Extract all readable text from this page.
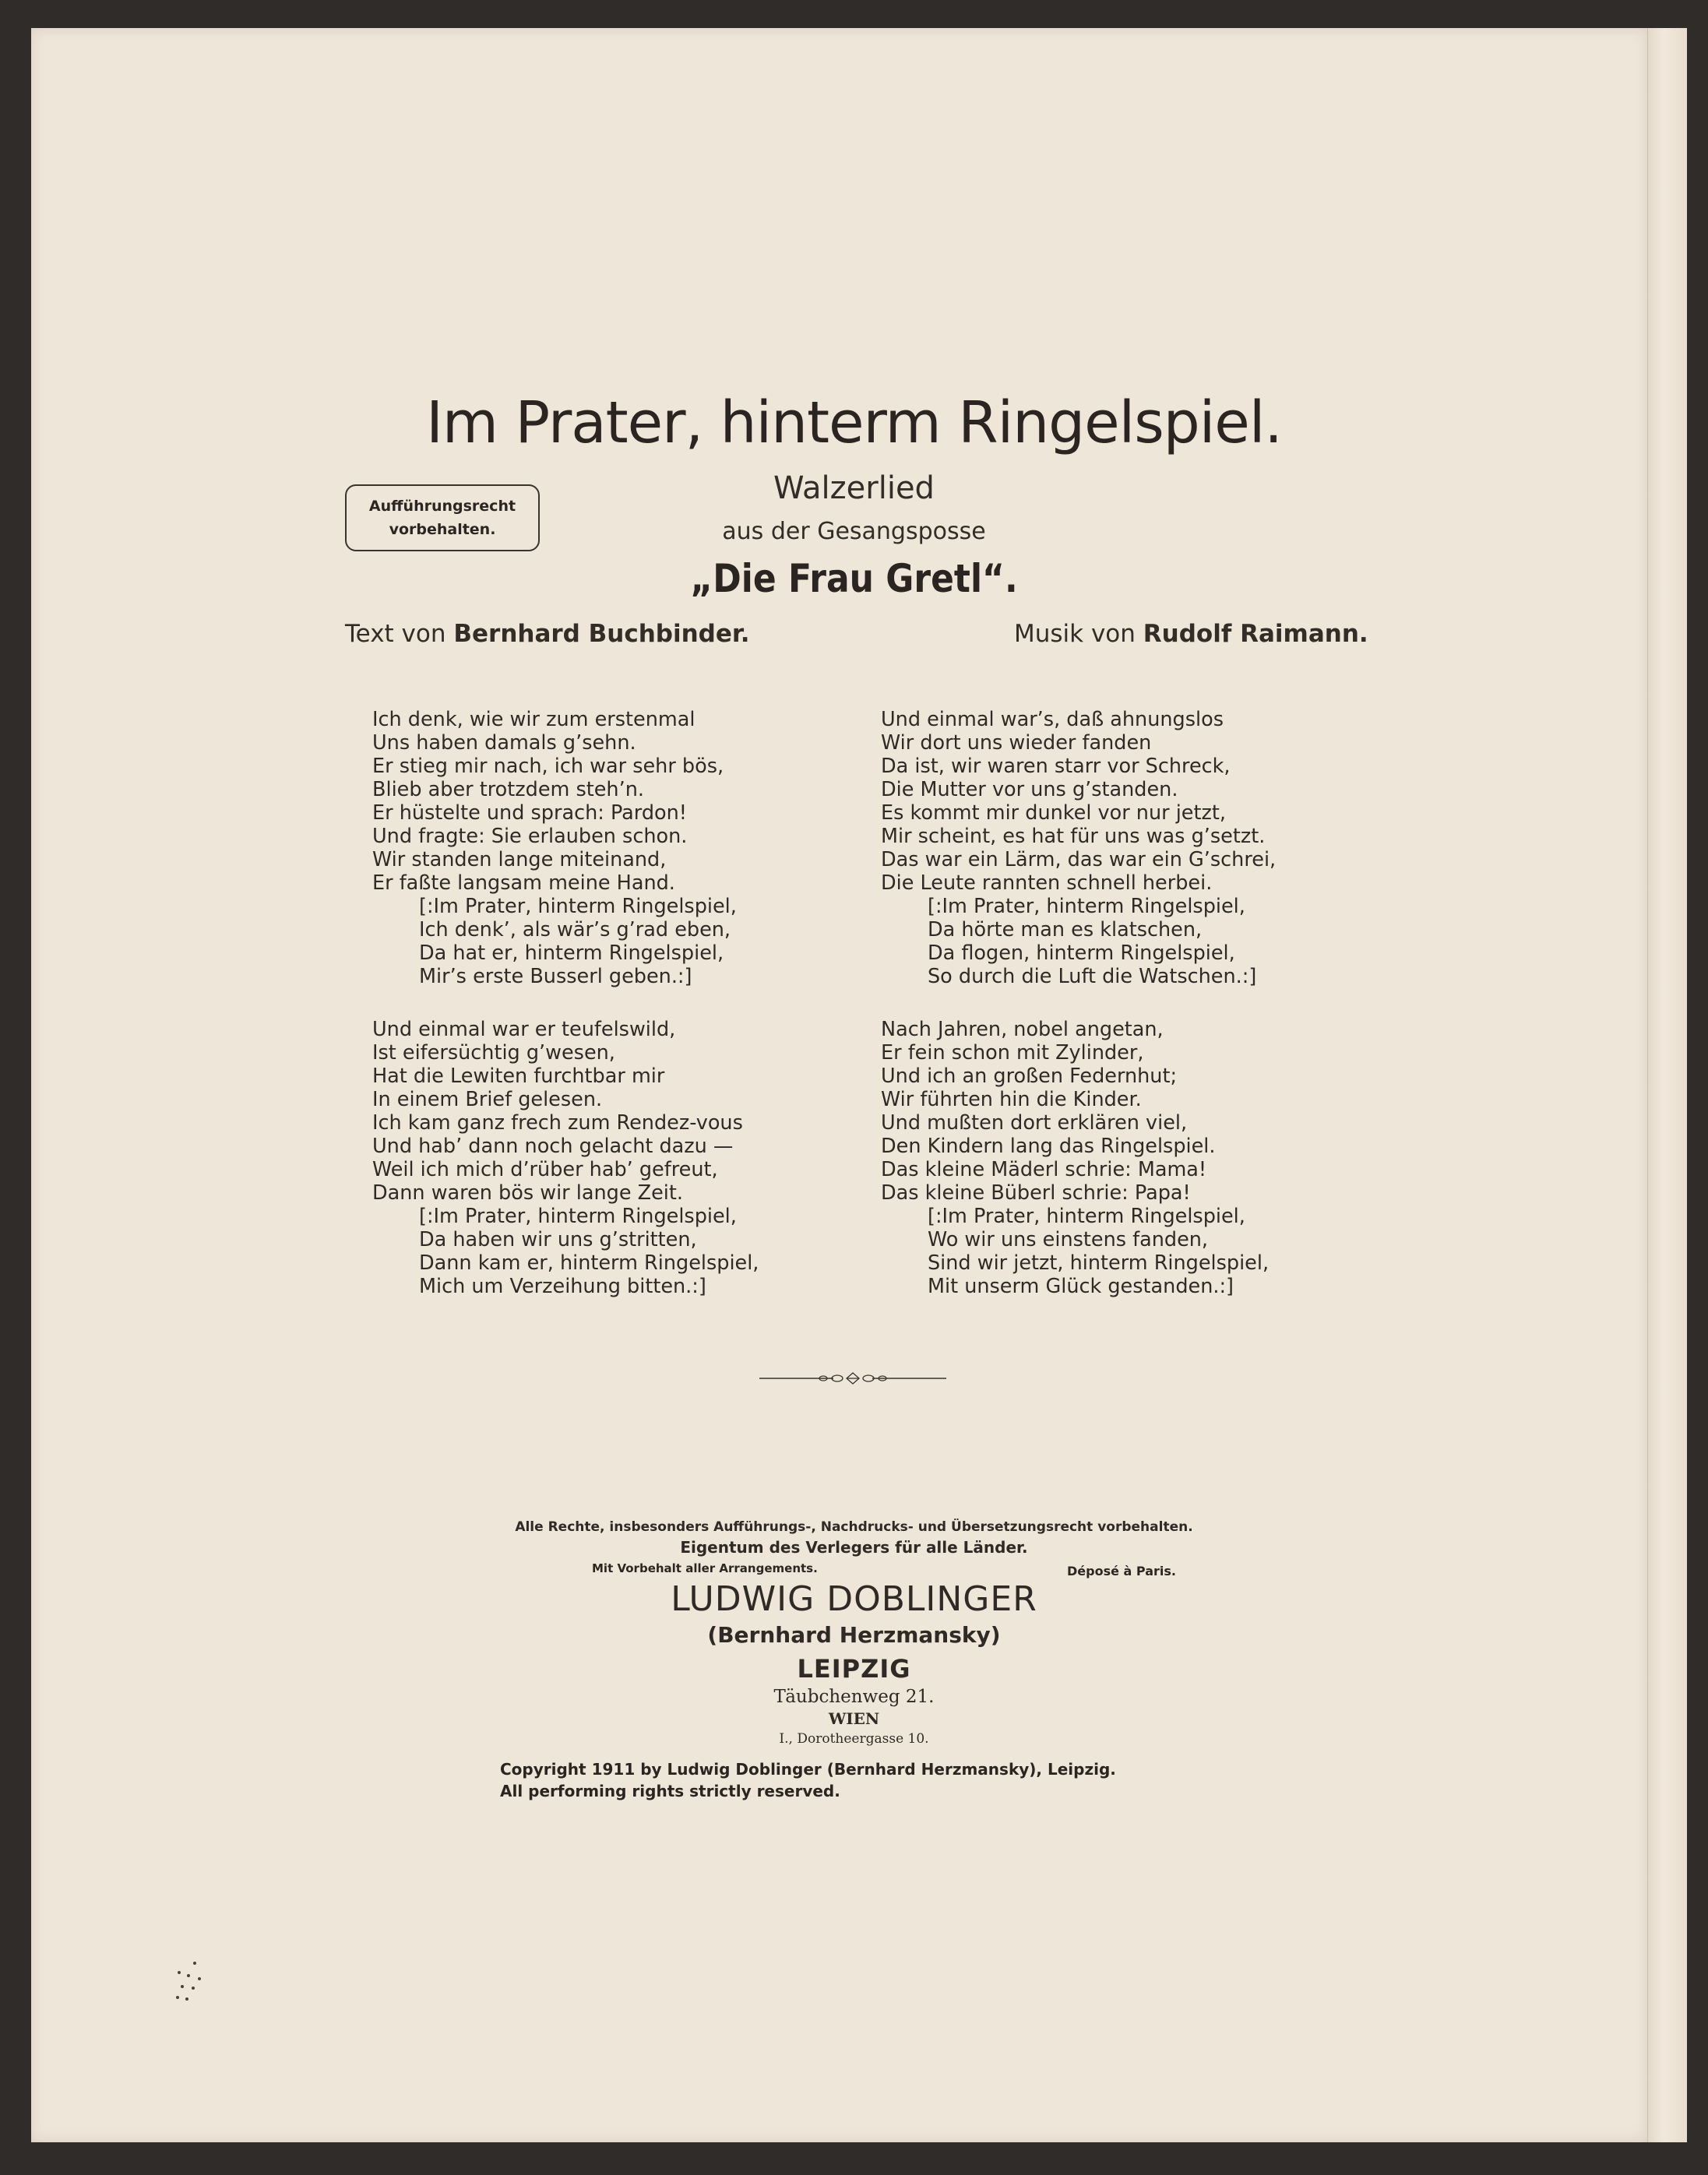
Im Prater, hinterm Ringelspiel.
Walzerlied
aus der Gesangsposse
„Die Frau Gretl“.
Aufführungsrecht
vorbehalten.
Text von Bernhard Buchbinder.	Musik von Rudolf Raimann.
Ich denk, wie wir zum erstenmal
Uns haben damals g’sehn.
Er stieg mir nach, ich war sehr bös,
Blieb aber trotzdem steh’n.
Er hüstelte und sprach: Pardon!
Und fragte: Sie erlauben schon.
Wir standen lange miteinand,
Er faßte langsam meine Hand.
[:Im Prater, hinterm Ringelspiel,
Ich denk’, als wär’s g’rad eben,
Da hat er, hinterm Ringelspiel,
Mir’s erste Busserl geben.:]
Und einmal war’s, daß ahnungslos
Wir dort uns wieder fanden
Da ist, wir waren starr vor Schreck,
Die Mutter vor uns g’standen.
Es kommt mir dunkel vor nur jetzt,
Mir scheint, es hat für uns was g’setzt.
Das war ein Lärm, das war ein G’schrei,
Die Leute rannten schnell herbei.
[:Im Prater, hinterm Ringelspiel,
Da hörte man es klatschen,
Da flogen, hinterm Ringelspiel,
So durch die Luft die Watschen.:]
Und einmal war er teufelswild,
Ist eifersüchtig g’wesen,
Hat die Lewiten furchtbar mir
In einem Brief gelesen.
Ich kam ganz frech zum Rendez-vous
Und hab’ dann noch gelacht dazu —
Weil ich mich d’rüber hab’ gefreut,
Dann waren bös wir lange Zeit.
[:Im Prater, hinterm Ringelspiel,
Da haben wir uns g’stritten,
Dann kam er, hinterm Ringelspiel,
Mich um Verzeihung bitten.:]
Nach Jahren, nobel angetan,
Er fein schon mit Zylinder,
Und ich an großen Federnhut;
Wir führten hin die Kinder.
Und mußten dort erklären viel,
Den Kindern lang das Ringelspiel.
Das kleine Mäderl schrie: Mama!
Das kleine Büberl schrie: Papa!
[:Im Prater, hinterm Ringelspiel,
Wo wir uns einstens fanden,
Sind wir jetzt, hinterm Ringelspiel,
Mit unserm Glück gestanden.:]
Alle Rechte, insbesonders Aufführungs-, Nachdrucks- und Übersetzungsrecht vorbehalten.
Eigentum des Verlegers für alle Länder.
Mit Vorbehalt aller Arrangements.	Déposé à Paris.
LUDWIG DOBLINGER
(Bernhard Herzmansky)
LEIPZIG
Täubchenweg 21.
WIEN
I., Dorotheergasse 10.
Copyright 1911 by Ludwig Doblinger (Bernhard Herzmansky), Leipzig.
All performing rights strictly reserved.
